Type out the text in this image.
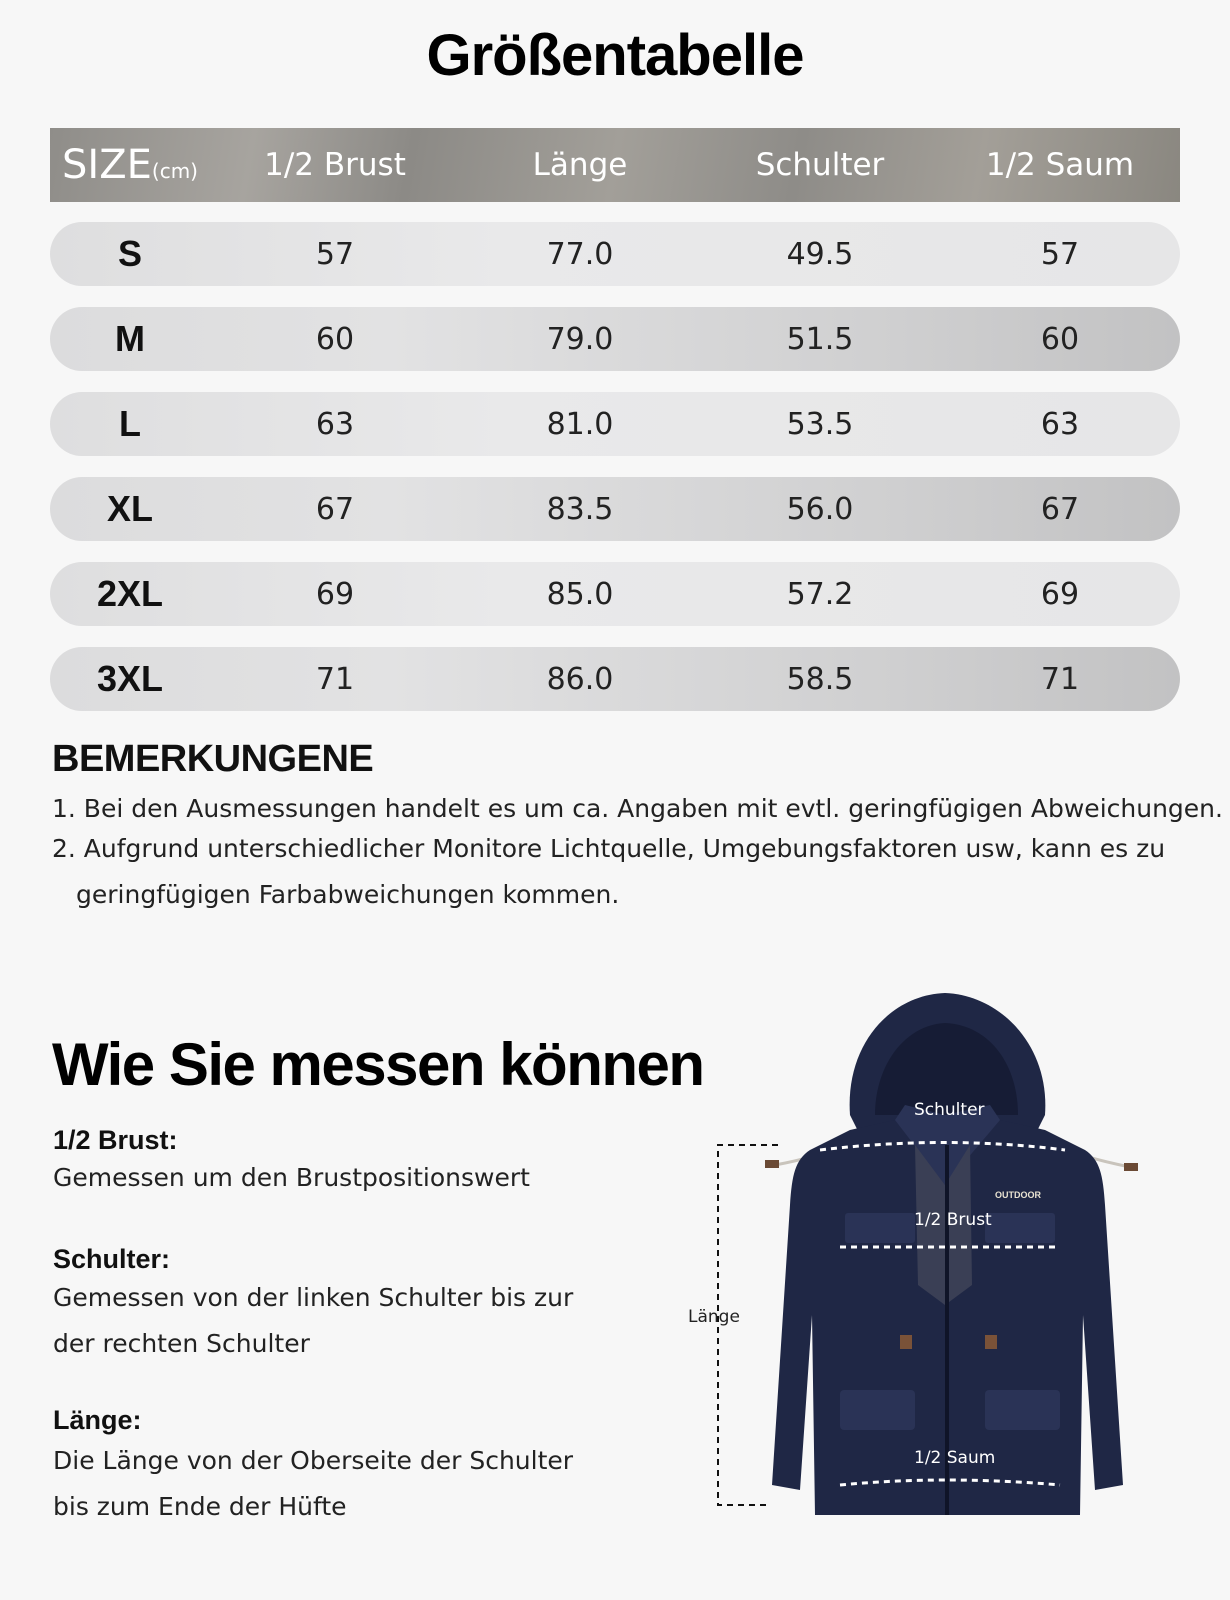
Größentabelle
SIZE(cm)	1/2 Brust	Länge	Schulter	1/2 Saum
S	57	77.0	49.5	57
M	60	79.0	51.5	60
L	63	81.0	53.5	63
XL	67	83.5	56.0	67
2XL	69	85.0	57.2	69
3XL	71	86.0	58.5	71
BEMERKUNGENE
1. Bei den Ausmessungen handelt es um ca. Angaben mit evtl. geringfügigen Abweichungen.
2. Aufgrund unterschiedlicher Monitore Lichtquelle, Umgebungsfaktoren usw, kann es zu
geringfügigen Farbabweichungen kommen.
Wie Sie messen können
1/2 Brust:
Gemessen um den Brustpositionswert
Schulter:
Gemessen von der linken Schulter bis zur
der rechten Schulter
Länge:
Die Länge von der Oberseite der Schulter
bis zum Ende der Hüfte
OUTDOOR
Schulter
1/2 Brust
Länge
1/2 Saum
